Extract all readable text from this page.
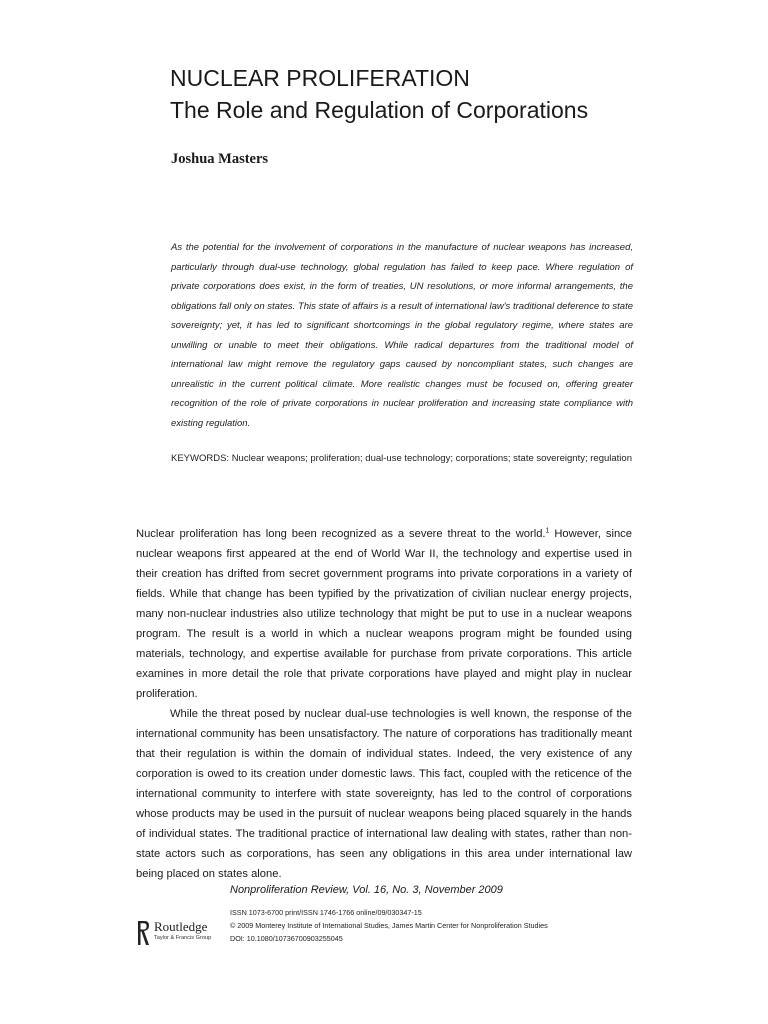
NUCLEAR PROLIFERATION
The Role and Regulation of Corporations
Joshua Masters
As the potential for the involvement of corporations in the manufacture of nuclear weapons has increased, particularly through dual-use technology, global regulation has failed to keep pace. Where regulation of private corporations does exist, in the form of treaties, UN resolutions, or more informal arrangements, the obligations fall only on states. This state of affairs is a result of international law's traditional deference to state sovereignty; yet, it has led to significant shortcomings in the global regulatory regime, where states are unwilling or unable to meet their obligations. While radical departures from the traditional model of international law might remove the regulatory gaps caused by noncompliant states, such changes are unrealistic in the current political climate. More realistic changes must be focused on, offering greater recognition of the role of private corporations in nuclear proliferation and increasing state compliance with existing regulation.
KEYWORDS: Nuclear weapons; proliferation; dual-use technology; corporations; state sovereignty; regulation

Nuclear proliferation has long been recognized as a severe threat to the world.$^1$ However, since nuclear weapons first appeared at the end of World War II, the technology and expertise used in their creation has drifted from secret government programs into private corporations in a variety of fields. While that change has been typified by the privatization of civilian nuclear energy projects, many non-nuclear industries also utilize technology that might be put to use in a nuclear weapons program. The result is a world in which a nuclear weapons program might be founded using materials, technology, and expertise available for purchase from private corporations. This article examines in more detail the role that private corporations have played and might play in nuclear proliferation.

While the threat posed by nuclear dual-use technologies is well known, the response of the international community has been unsatisfactory. The nature of corporations has traditionally meant that their regulation is within the domain of individual states. Indeed, the very existence of any corporation is owed to its creation under domestic laws. This fact, coupled with the reticence of the international community to interfere with state sovereignty, has led to the control of corporations whose products may be used in the pursuit of nuclear weapons being placed squarely in the hands of individual states. The traditional practice of international law dealing with states, rather than non-state actors such as corporations, has seen any obligations in this area under international law being placed on states alone.

Nonproliferation Review, Vol. 16, No. 3, November 2009
ISSN 1073-6700 print/ISSN 1746-1766 online/09/030347-15
© 2009 Monterey Institute of International Studies, James Martin Center for Nonproliferation Studies
DOI: 10.1080/10736700903255045
Routledge
Taylor & Francis Group
